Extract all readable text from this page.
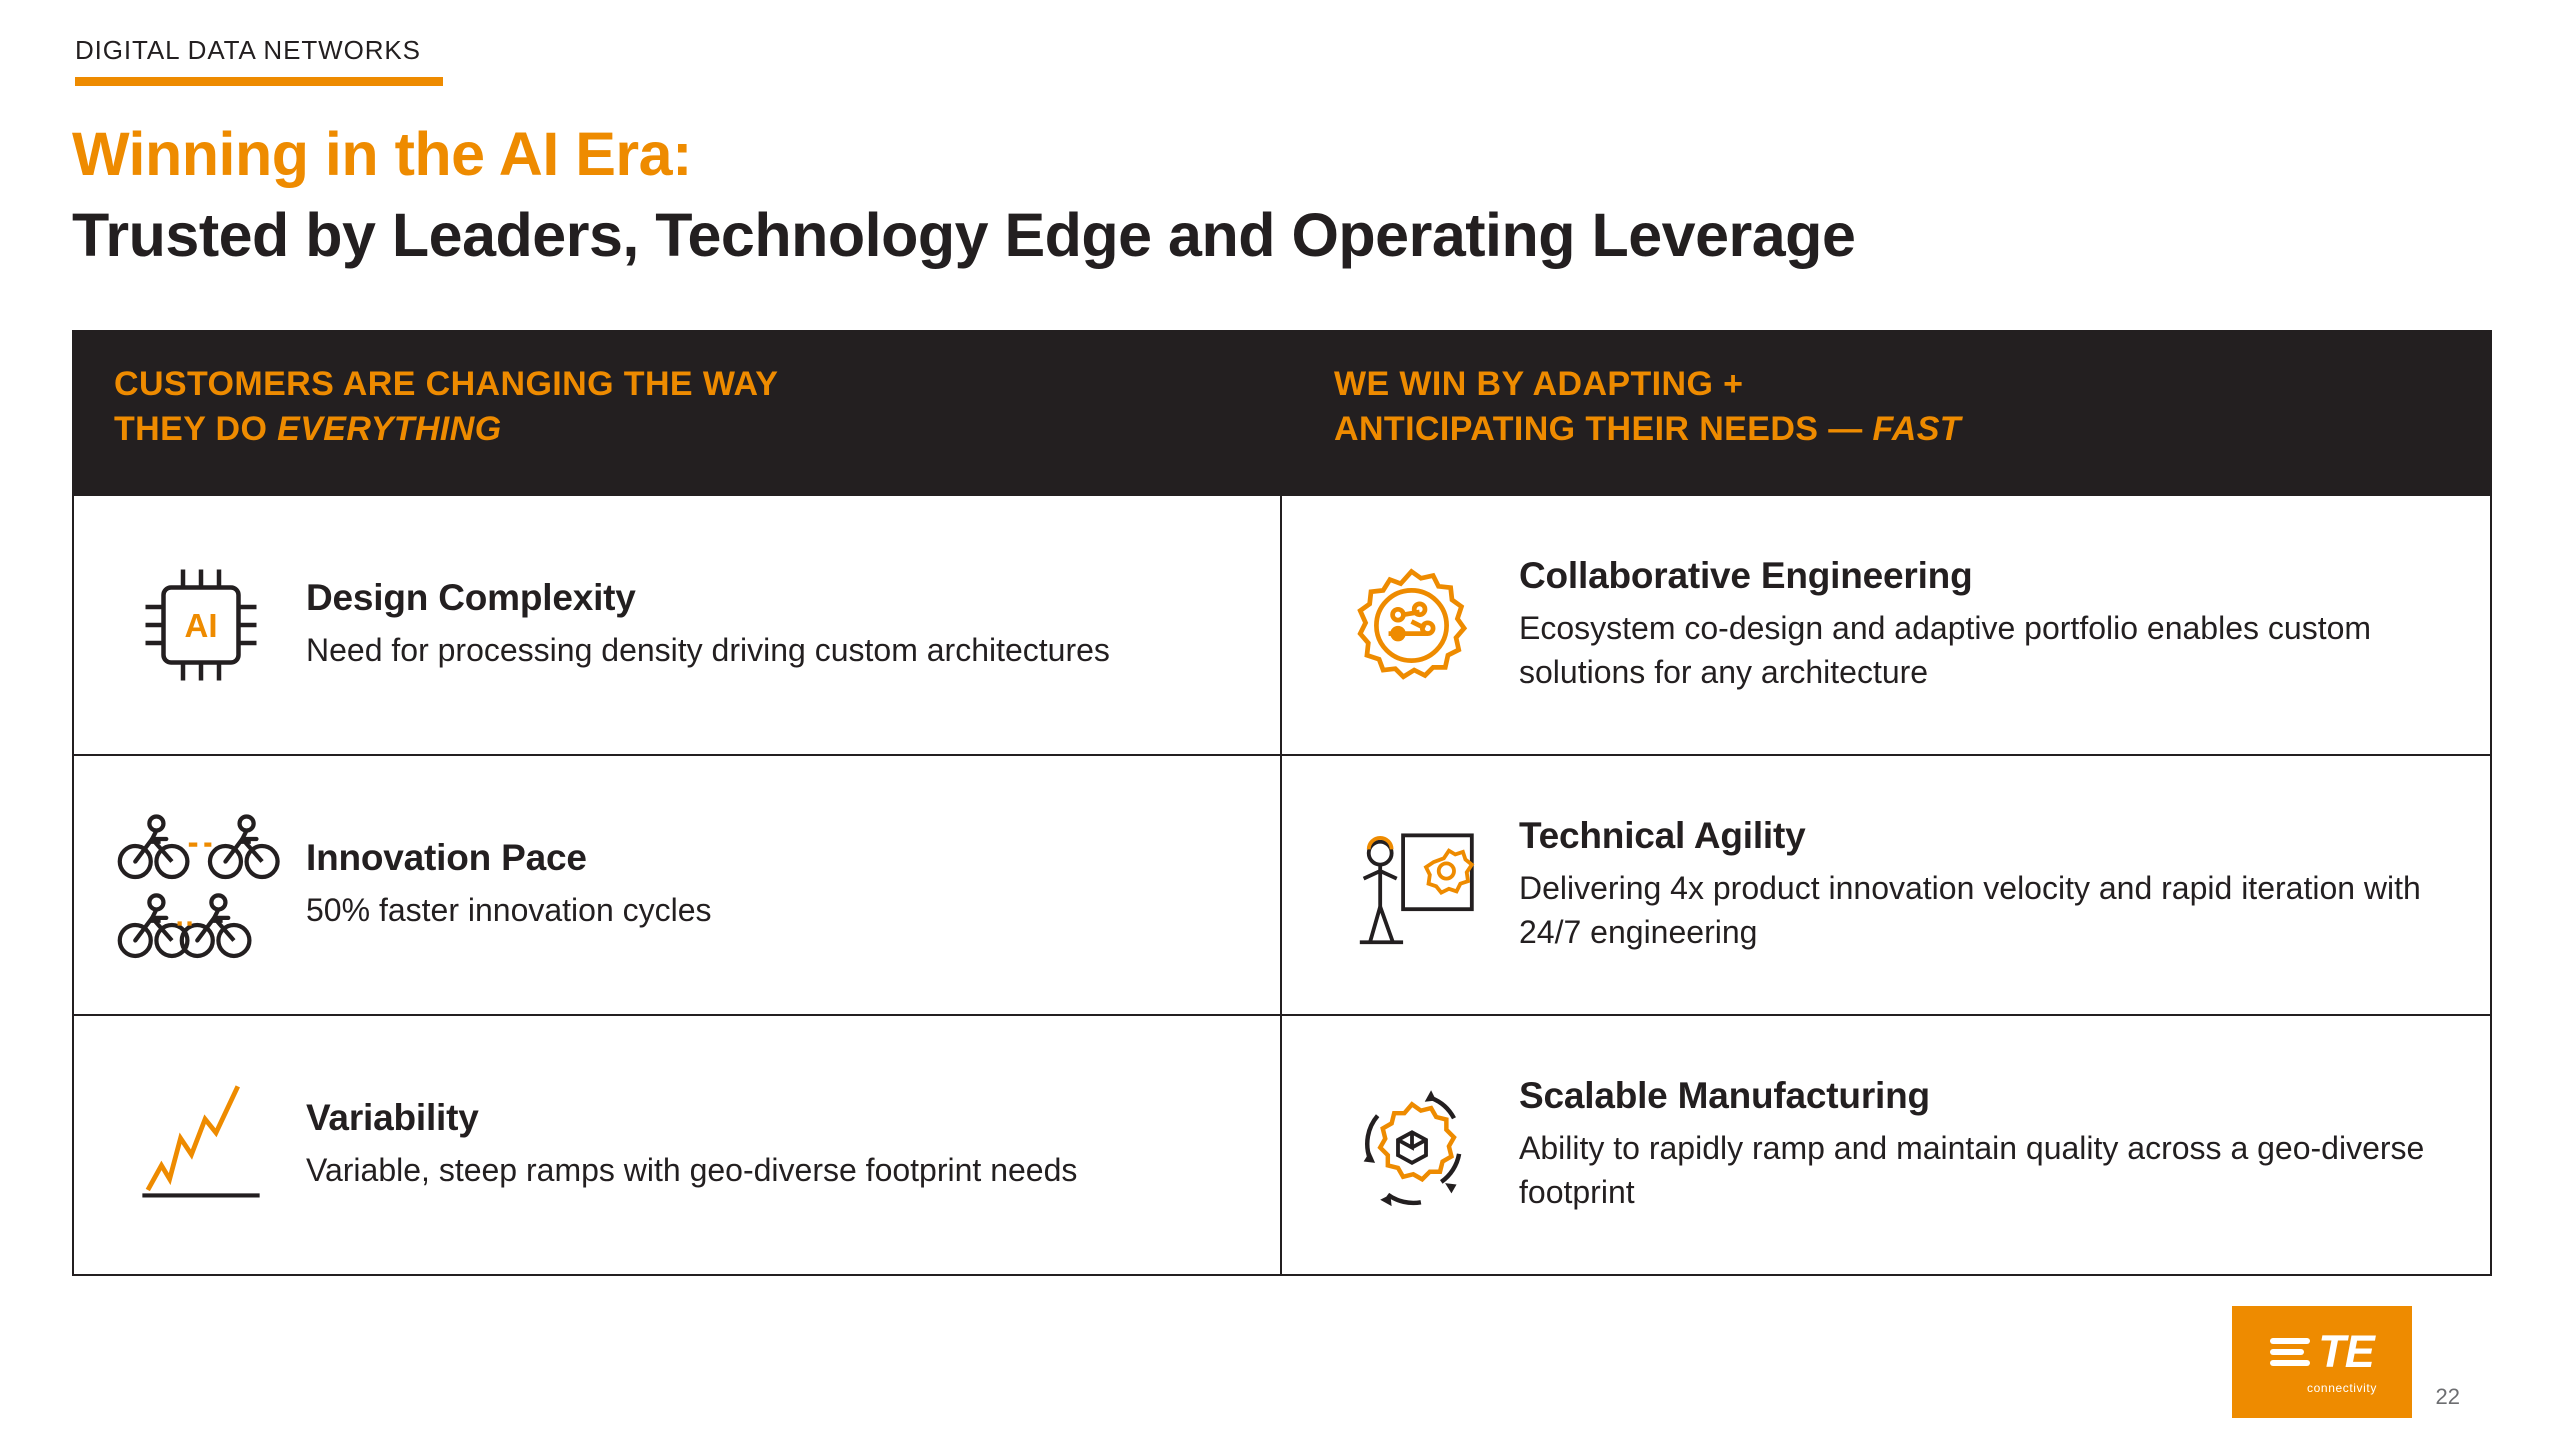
DIGITAL DATA NETWORKS
Winning in the AI Era:
Trusted by Leaders, Technology Edge and Operating Leverage
CUSTOMERS ARE CHANGING THE WAY
THEY DO EVERYTHING
WE WIN BY ADAPTING +
ANTICIPATING THEIR NEEDS — FAST
AI
Design Complexity
Need for processing density driving custom architectures
Collaborative Engineering
Ecosystem co-design and adaptive portfolio enables custom solutions for any architecture
Innovation Pace
50% faster innovation cycles
Technical Agility
Delivering 4x product innovation velocity and rapid iteration with 24/7 engineering
Variability
Variable, steep ramps with geo-diverse footprint needs
Scalable Manufacturing
Ability to rapidly ramp and maintain quality across a geo-diverse footprint
TE
connectivity	22
